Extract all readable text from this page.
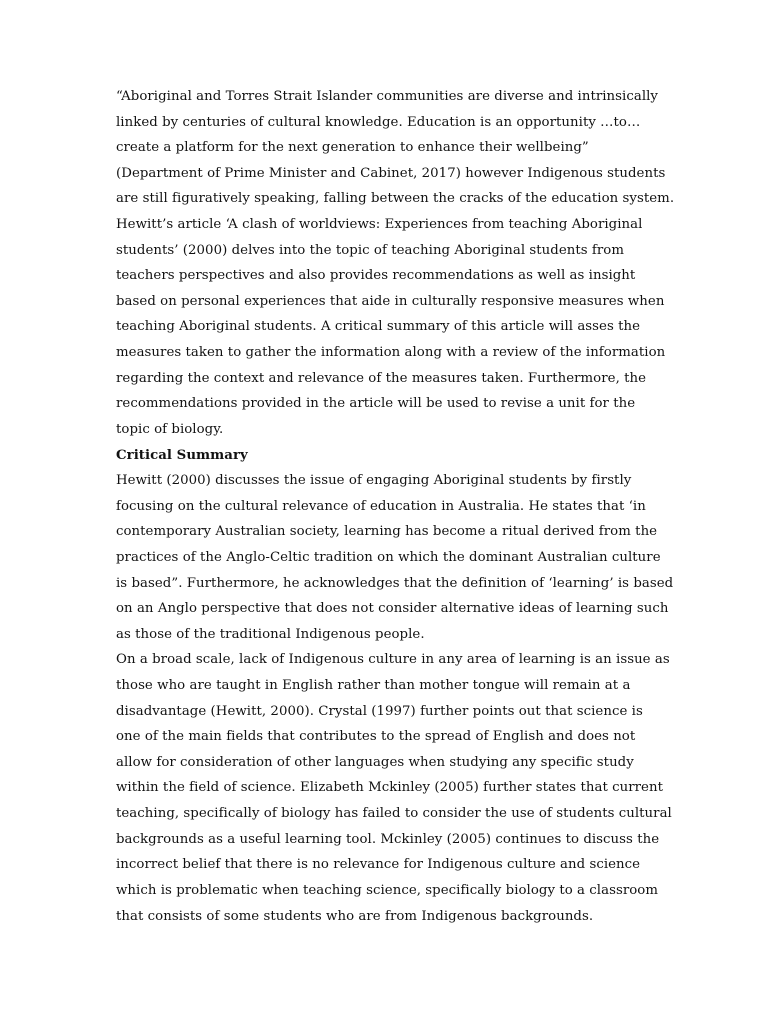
“Aboriginal and Torres Strait Islander communities are diverse and intrinsically
linked by centuries of cultural knowledge. Education is an opportunity …to…
create a platform for the next generation to enhance their wellbeing”
(Department of Prime Minister and Cabinet, 2017) however Indigenous students
are still figuratively speaking, falling between the cracks of the education system.
Hewitt’s article ‘A clash of worldviews: Experiences from teaching Aboriginal
students’ (2000) delves into the topic of teaching Aboriginal students from
teachers perspectives and also provides recommendations as well as insight
based on personal experiences that aide in culturally responsive measures when
teaching Aboriginal students. A critical summary of this article will asses the
measures taken to gather the information along with a review of the information
regarding the context and relevance of the measures taken. Furthermore, the
recommendations provided in the article will be used to revise a unit for the
topic of biology.
Critical Summary
Hewitt (2000) discusses the issue of engaging Aboriginal students by firstly
focusing on the cultural relevance of education in Australia. He states that ‘in
contemporary Australian society, learning has become a ritual derived from the
practices of the Anglo-Celtic tradition on which the dominant Australian culture
is based”. Furthermore, he acknowledges that the definition of ‘learning’ is based
on an Anglo perspective that does not consider alternative ideas of learning such
as those of the traditional Indigenous people.
On a broad scale, lack of Indigenous culture in any area of learning is an issue as
those who are taught in English rather than mother tongue will remain at a
disadvantage (Hewitt, 2000). Crystal (1997) further points out that science is
one of the main fields that contributes to the spread of English and does not
allow for consideration of other languages when studying any specific study
within the field of science. Elizabeth Mckinley (2005) further states that current
teaching, specifically of biology has failed to consider the use of students cultural
backgrounds as a useful learning tool. Mckinley (2005) continues to discuss the
incorrect belief that there is no relevance for Indigenous culture and science
which is problematic when teaching science, specifically biology to a classroom
that consists of some students who are from Indigenous backgrounds.
